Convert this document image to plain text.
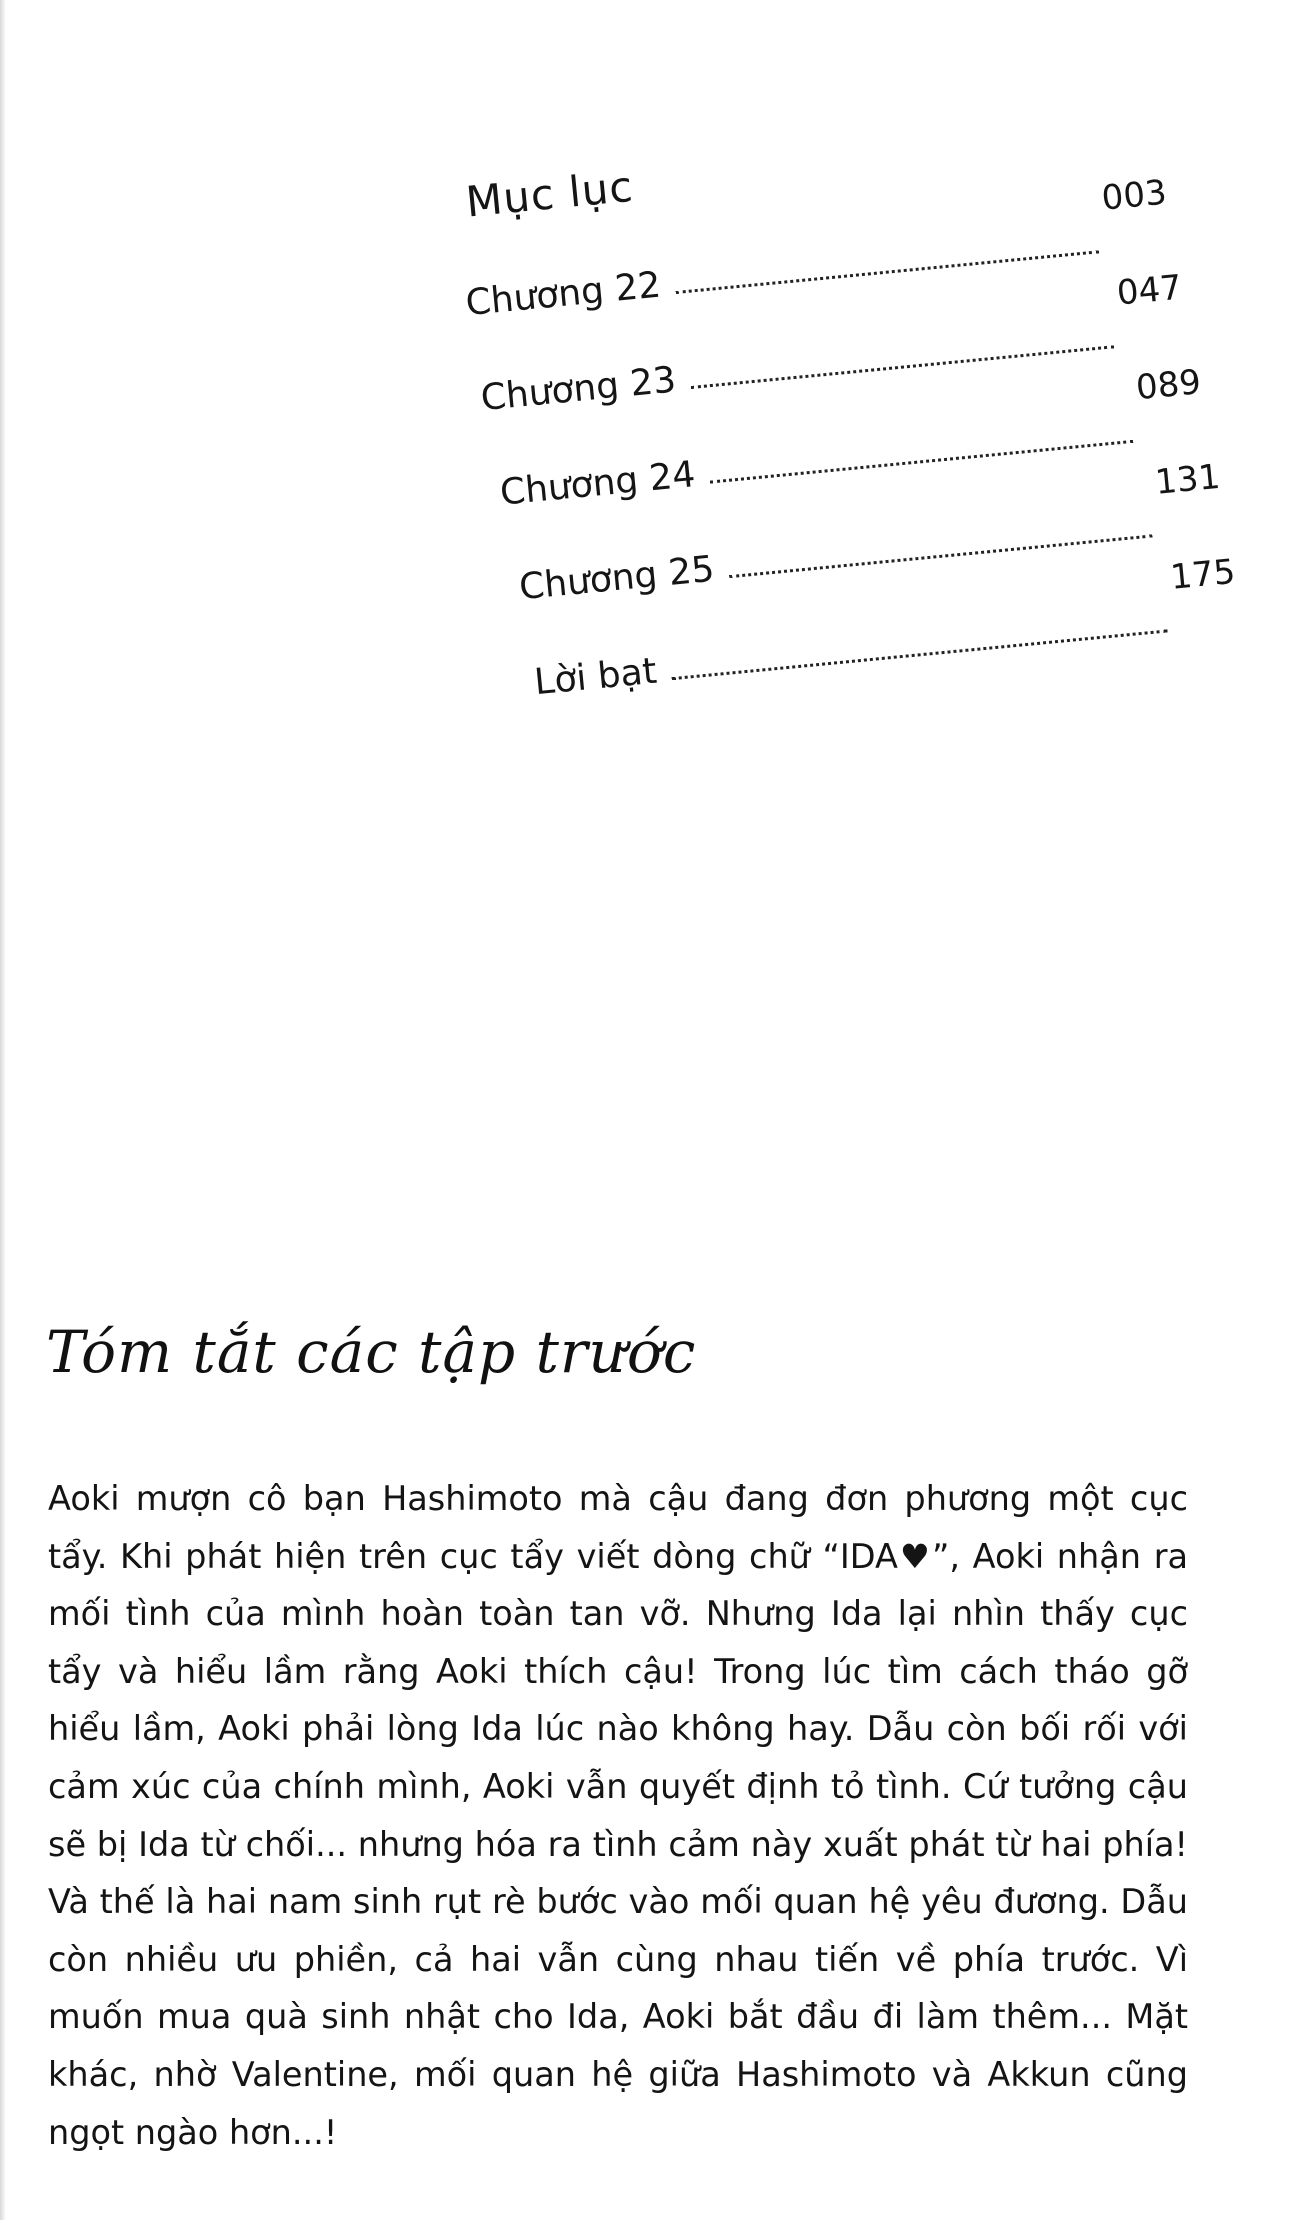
Mục lục
Chương 22
003
Chương 23
047
Chương 24
089
Chương 25
131
Lời bạt
175
Tóm tắt các tập trước

Aoki mượn cô bạn Hashimoto mà cậu đang đơn phương một cục tẩy. Khi phát hiện trên cục tẩy viết dòng chữ “IDA♥”, Aoki nhận ra mối tình của mình hoàn toàn tan vỡ. Nhưng Ida lại nhìn thấy cục tẩy và hiểu lầm rằng Aoki thích cậu! Trong lúc tìm cách tháo gỡ hiểu lầm, Aoki phải lòng Ida lúc nào không hay. Dẫu còn bối rối với cảm xúc của chính mình, Aoki vẫn quyết định tỏ tình. Cứ tưởng cậu sẽ bị Ida từ chối... nhưng hóa ra tình cảm này xuất phát từ hai phía! Và thế là hai nam sinh rụt rè bước vào mối quan hệ yêu đương. Dẫu còn nhiều ưu phiền, cả hai vẫn cùng nhau tiến về phía trước. Vì muốn mua quà sinh nhật cho Ida, Aoki bắt đầu đi làm thêm... Mặt khác, nhờ Valentine, mối quan hệ giữa Hashimoto và Akkun cũng ngọt ngào hơn...!
